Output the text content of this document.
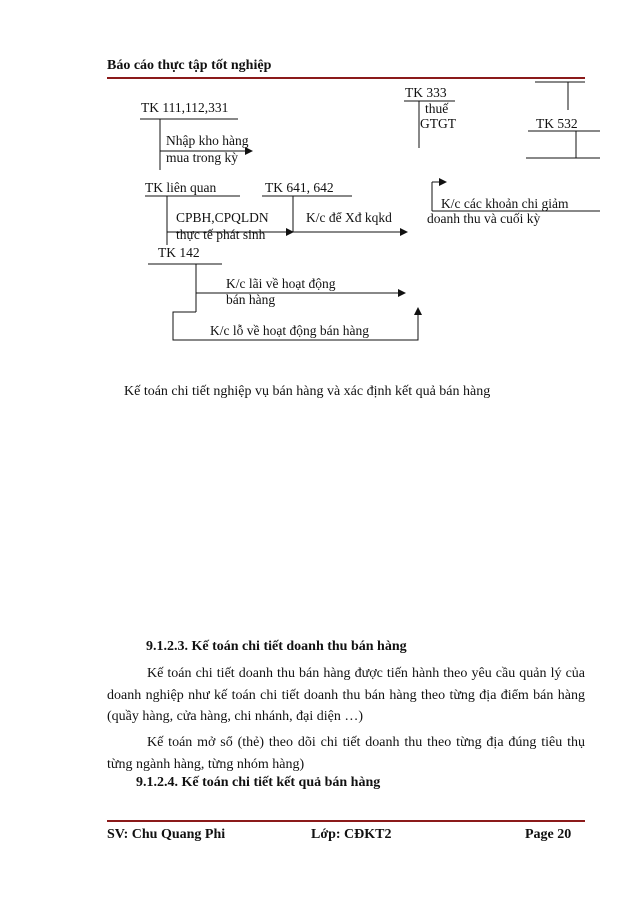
Báo cáo thực tập tốt nghiệp
TK 111,112,331
Nhập kho hàng
mua trong kỳ
TK 333
thuế
GTGT	TK 532
TK liên quan	TK 641, 642
K/c các khoản chi giảm
doanh thu và cuối kỳ
CPBH,CPQLDN
thực tế phát sinh
K/c để Xđ kqkd
TK 142
K/c lãi về hoạt động
bán hàng
K/c lỗ về hoạt động bán hàng
Kế toán chi tiết nghiệp vụ bán hàng và xác định kết quả bán hàng
9.1.2.3. Kế toán chi tiết doanh thu bán hàng
Kế toán chi tiết doanh thu bán hàng được tiến hành theo yêu cầu quản lý của doanh nghiệp như kế toán chi tiết doanh thu bán hàng theo từng địa điểm bán hàng (quầy hàng, cửa hàng, chi nhánh, đại diện …)
Kế toán mở sổ (thẻ) theo dõi chi tiết doanh thu theo từng địa đúng tiêu thụ từng ngành hàng, từng nhóm hàng)
9.1.2.4. Kế toán chi tiết kết quả bán hàng
SV: Chu Quang Phi	Lớp: CĐKT2	Page 20
